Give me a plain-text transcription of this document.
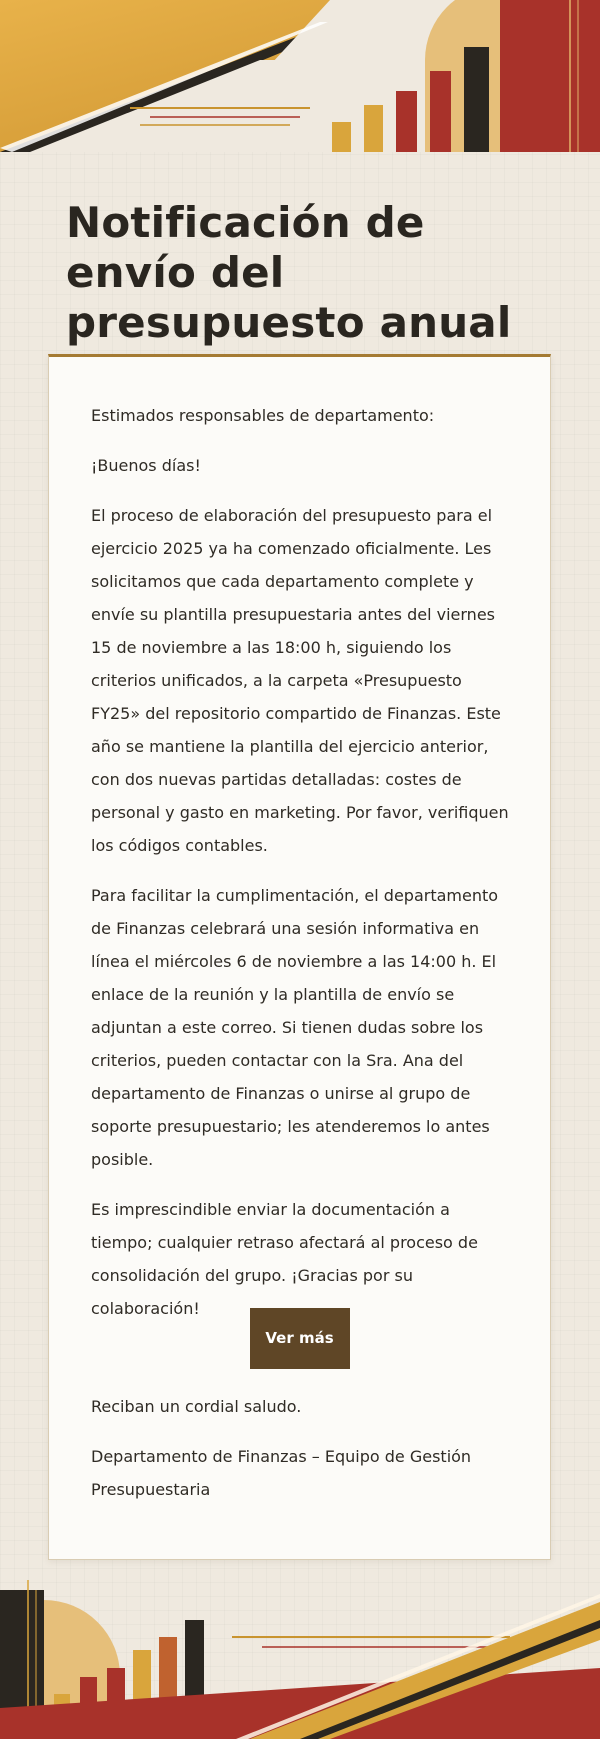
Notificación de envío del presupuesto anual

Estimados responsables de departamento:

¡Buenos días!

El proceso de elaboración del presupuesto para el ejercicio 2025 ya ha comenzado oficialmente. Les solicitamos que cada departamento complete y envíe su plantilla presupuestaria antes del viernes 15 de noviembre a las 18:00 h, siguiendo los criterios unificados, a la carpeta «Presupuesto FY25» del repositorio compartido de Finanzas. Este año se mantiene la plantilla del ejercicio anterior, con dos nuevas partidas detalladas: costes de personal y gasto en marketing. Por favor, verifiquen los códigos contables.

Para facilitar la cumplimentación, el departamento de Finanzas celebrará una sesión informativa en línea el miércoles 6 de noviembre a las 14:00 h. El enlace de la reunión y la plantilla de envío se adjuntan a este correo. Si tienen dudas sobre los criterios, pueden contactar con la Sra. Ana del departamento de Finanzas o unirse al grupo de soporte presupuestario; les atenderemos lo antes posible.

Es imprescindible enviar la documentación a tiempo; cualquier retraso afectará al proceso de consolidación del grupo. ¡Gracias por su colaboración!

Ver más

Reciban un cordial saludo.

Departamento de Finanzas – Equipo de Gestión Presupuestaria
